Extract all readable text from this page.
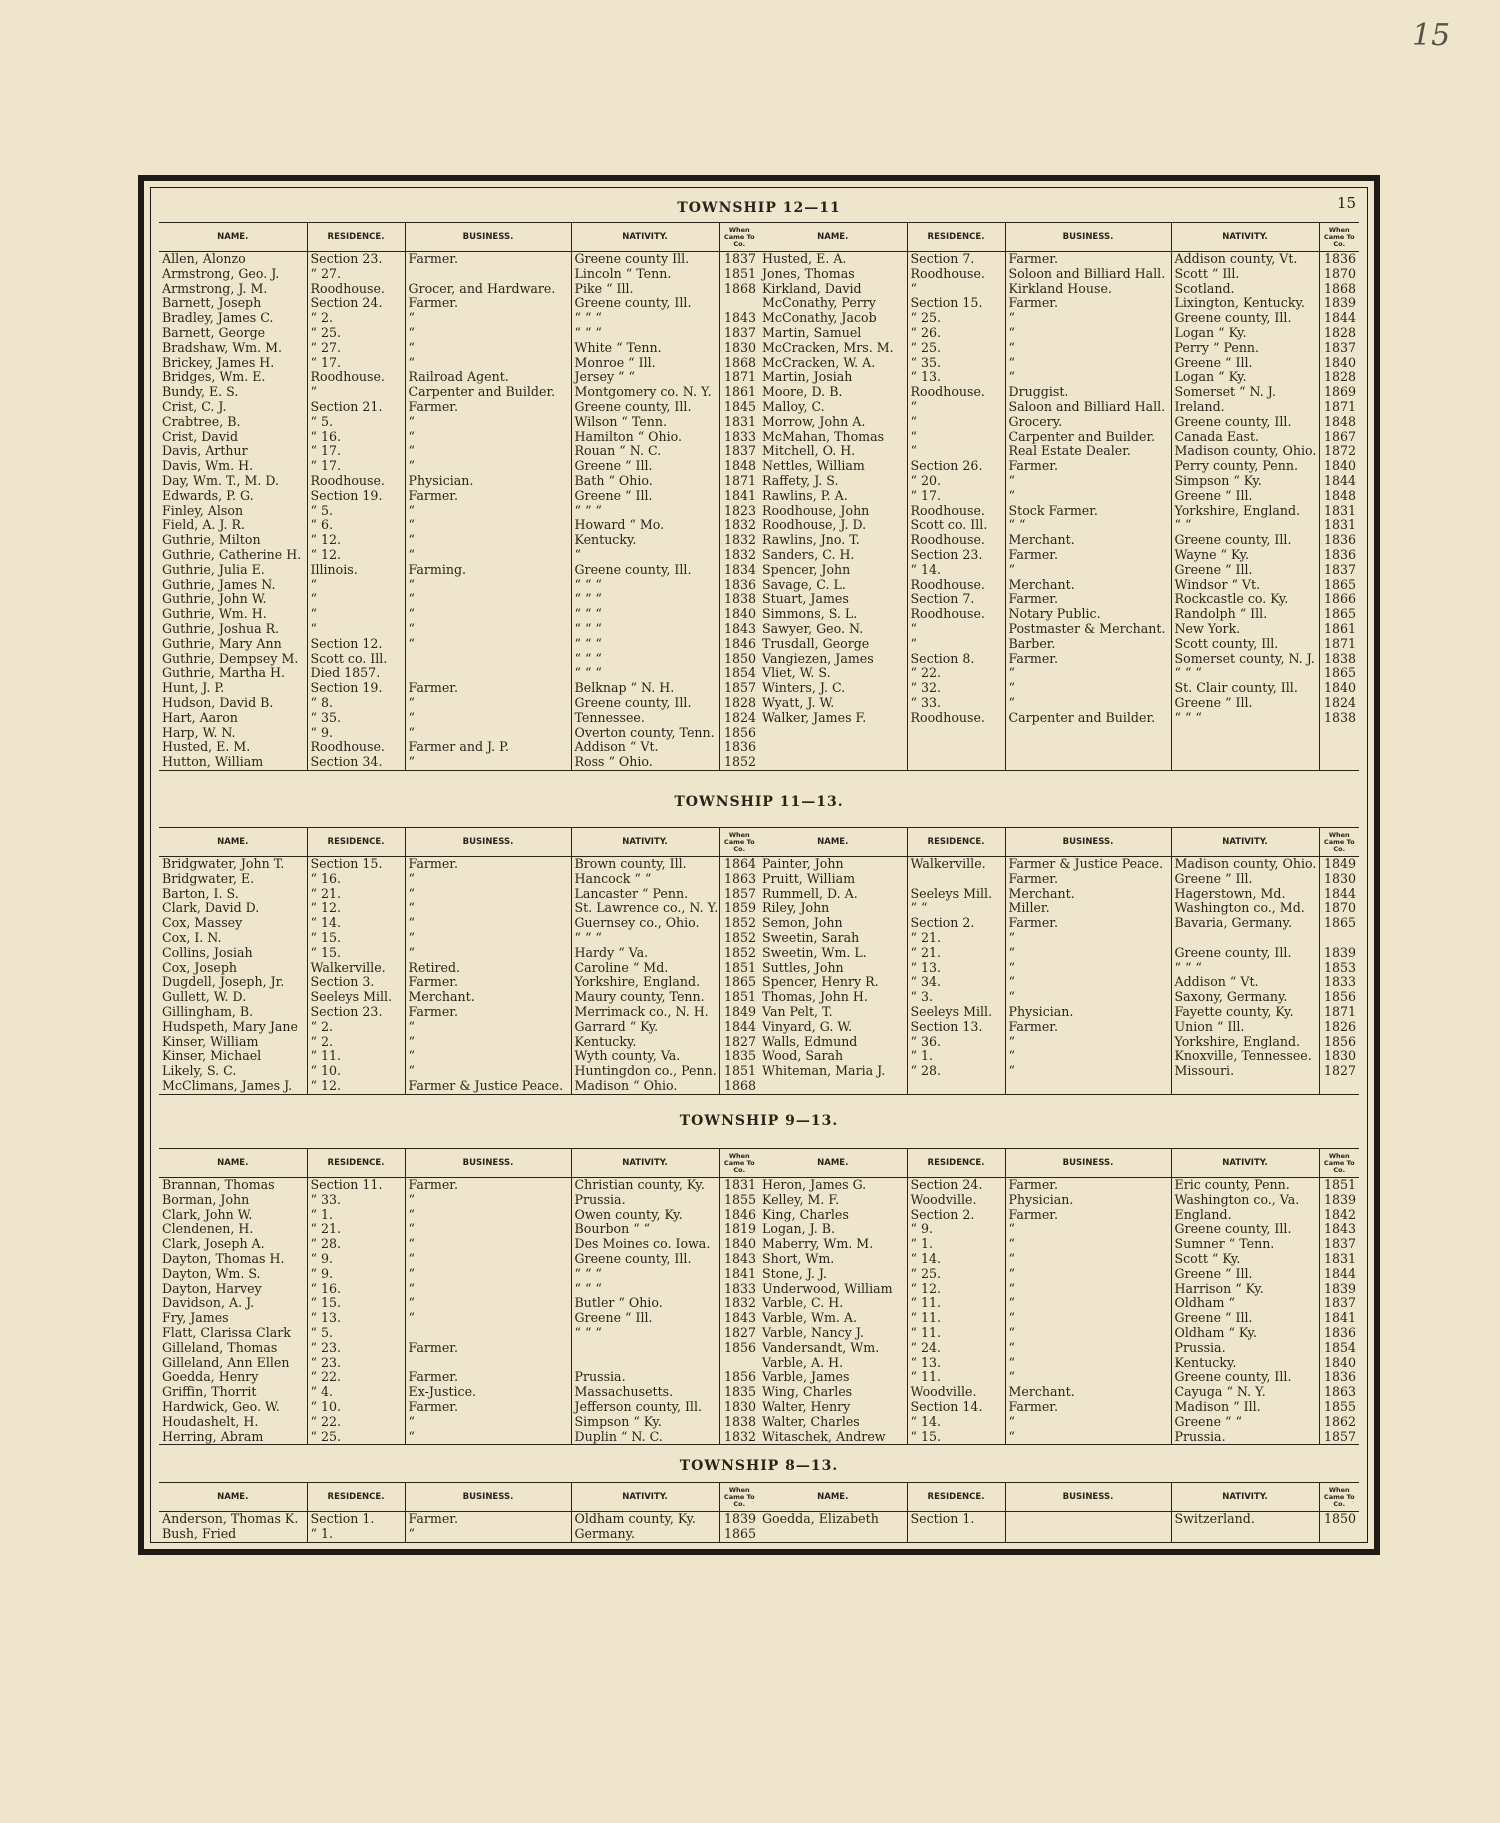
15
15
TOWNSHIP 12—11
NAME.	RESIDENCE.	BUSINESS.	NATIVITY.	When Came To Co.	NAME.	RESIDENCE.	BUSINESS.	NATIVITY.	When Came To Co.
Allen, Alonzo	Section 23.	Farmer.	Greene county Ill.	1837	Husted, E. A.	Section 7.	Farmer.	Addison county, Vt.	1836
Armstrong, Geo. J.	“ 27.		Lincoln “ Tenn.	1851	Jones, Thomas	Roodhouse.	Soloon and Billiard Hall.	Scott “ Ill.	1870
Armstrong, J. M.	Roodhouse.	Grocer, and Hardware.	Pike “ Ill.	1868	Kirkland, David	“	Kirkland House.	Scotland.	1868
Barnett, Joseph	Section 24.	Farmer.	Greene county, Ill.		McConathy, Perry	Section 15.	Farmer.	Lixington, Kentucky.	1839
Bradley, James C.	“ 2.	“	“ “ “	1843	McConathy, Jacob	“ 25.	“	Greene county, Ill.	1844
Barnett, George	“ 25.	“	“ “ “	1837	Martin, Samuel	“ 26.	“	Logan “ Ky.	1828
Bradshaw, Wm. M.	“ 27.	“	White “ Tenn.	1830	McCracken, Mrs. M.	“ 25.	“	Perry “ Penn.	1837
Brickey, James H.	“ 17.	“	Monroe “ Ill.	1868	McCracken, W. A.	“ 35.	“	Greene “ Ill.	1840
Bridges, Wm. E.	Roodhouse.	Railroad Agent.	Jersey “ “	1871	Martin, Josiah	“ 13.	“	Logan “ Ky.	1828
Bundy, E. S.	“	Carpenter and Builder.	Montgomery co. N. Y.	1861	Moore, D. B.	Roodhouse.	Druggist.	Somerset “ N. J.	1869
Crist, C. J.	Section 21.	Farmer.	Greene county, Ill.	1845	Malloy, C.	“	Saloon and Billiard Hall.	Ireland.	1871
Crabtree, B.	“ 5.	“	Wilson “ Tenn.	1831	Morrow, John A.	“	Grocery.	Greene county, Ill.	1848
Crist, David	“ 16.	“	Hamilton “ Ohio.	1833	McMahan, Thomas	“	Carpenter and Builder.	Canada East.	1867
Davis, Arthur	“ 17.	“	Rouan “ N. C.	1837	Mitchell, O. H.	“	Real Estate Dealer.	Madison county, Ohio.	1872
Davis, Wm. H.	“ 17.	“	Greene “ Ill.	1848	Nettles, William	Section 26.	Farmer.	Perry county, Penn.	1840
Day, Wm. T., M. D.	Roodhouse.	Physician.	Bath “ Ohio.	1871	Raffety, J. S.	“ 20.	“	Simpson “ Ky.	1844
Edwards, P. G.	Section 19.	Farmer.	Greene “ Ill.	1841	Rawlins, P. A.	“ 17.	“	Greene “ Ill.	1848
Finley, Alson	“ 5.	“	“ “ “	1823	Roodhouse, John	Roodhouse.	Stock Farmer.	Yorkshire, England.	1831
Field, A. J. R.	“ 6.	“	Howard “ Mo.	1832	Roodhouse, J. D.	Scott co. Ill.	“ “	“ “	1831
Guthrie, Milton	“ 12.	“	Kentucky.	1832	Rawlins, Jno. T.	Roodhouse.	Merchant.	Greene county, Ill.	1836
Guthrie, Catherine H.	“ 12.	“	“	1832	Sanders, C. H.	Section 23.	Farmer.	Wayne “ Ky.	1836
Guthrie, Julia E.	Illinois.	Farming.	Greene county, Ill.	1834	Spencer, John	“ 14.	“	Greene “ Ill.	1837
Guthrie, James N.	“	“	“ “ “	1836	Savage, C. L.	Roodhouse.	Merchant.	Windsor “ Vt.	1865
Guthrie, John W.	“	“	“ “ “	1838	Stuart, James	Section 7.	Farmer.	Rockcastle co. Ky.	1866
Guthrie, Wm. H.	“	“	“ “ “	1840	Simmons, S. L.	Roodhouse.	Notary Public.	Randolph “ Ill.	1865
Guthrie, Joshua R.	“	“	“ “ “	1843	Sawyer, Geo. N.	“	Postmaster & Merchant.	New York.	1861
Guthrie, Mary Ann	Section 12.	“	“ “ “	1846	Trusdall, George	“	Barber.	Scott county, Ill.	1871
Guthrie, Dempsey M.	Scott co. Ill.		“ “ “	1850	Vangiezen, James	Section 8.	Farmer.	Somerset county, N. J.	1838
Guthrie, Martha H.	Died 1857.		“ “ “	1854	Vliet, W. S.	“ 22.	“	“ “ “	1865
Hunt, J. P.	Section 19.	Farmer.	Belknap “ N. H.	1857	Winters, J. C.	“ 32.	“	St. Clair county, Ill.	1840
Hudson, David B.	“ 8.	“	Greene county, Ill.	1828	Wyatt, J. W.	“ 33.	“	Greene “ Ill.	1824
Hart, Aaron	“ 35.	“	Tennessee.	1824	Walker, James F.	Roodhouse.	Carpenter and Builder.	“ “ “	1838
Harp, W. N.	“ 9.	“	Overton county, Tenn.	1856					
Husted, E. M.	Roodhouse.	Farmer and J. P.	Addison “ Vt.	1836					
Hutton, William	Section 34.	“	Ross “ Ohio.	1852					
TOWNSHIP 11—13.
NAME.	RESIDENCE.	BUSINESS.	NATIVITY.	When Came To Co.	NAME.	RESIDENCE.	BUSINESS.	NATIVITY.	When Came To Co.
Bridgwater, John T.	Section 15.	Farmer.	Brown county, Ill.	1864	Painter, John	Walkerville.	Farmer & Justice Peace.	Madison county, Ohio.	1849
Bridgwater, E.	“ 16.	“	Hancock “ “	1863	Pruitt, William		Farmer.	Greene “ Ill.	1830
Barton, I. S.	“ 21.	“	Lancaster “ Penn.	1857	Rummell, D. A.	Seeleys Mill.	Merchant.	Hagerstown, Md.	1844
Clark, David D.	“ 12.	“	St. Lawrence co., N. Y.	1859	Riley, John	“ “	Miller.	Washington co., Md.	1870
Cox, Massey	“ 14.	“	Guernsey co., Ohio.	1852	Semon, John	Section 2.	Farmer.	Bavaria, Germany.	1865
Cox, I. N.	“ 15.	“	“ “ “	1852	Sweetin, Sarah	“ 21.	“		
Collins, Josiah	“ 15.	“	Hardy “ Va.	1852	Sweetin, Wm. L.	“ 21.	“	Greene county, Ill.	1839
Cox, Joseph	Walkerville.	Retired.	Caroline “ Md.	1851	Suttles, John	“ 13.	“	“ “ “	1853
Dugdell, Joseph, Jr.	Section 3.	Farmer.	Yorkshire, England.	1865	Spencer, Henry R.	“ 34.	“	Addison “ Vt.	1833
Gullett, W. D.	Seeleys Mill.	Merchant.	Maury county, Tenn.	1851	Thomas, John H.	“ 3.	“	Saxony, Germany.	1856
Gillingham, B.	Section 23.	Farmer.	Merrimack co., N. H.	1849	Van Pelt, T.	Seeleys Mill.	Physician.	Fayette county, Ky.	1871
Hudspeth, Mary Jane	“ 2.	“	Garrard “ Ky.	1844	Vinyard, G. W.	Section 13.	Farmer.	Union “ Ill.	1826
Kinser, William	“ 2.	“	Kentucky.	1827	Walls, Edmund	“ 36.	“	Yorkshire, England.	1856
Kinser, Michael	“ 11.	“	Wyth county, Va.	1835	Wood, Sarah	“ 1.	“	Knoxville, Tennessee.	1830
Likely, S. C.	“ 10.	“	Huntingdon co., Penn.	1851	Whiteman, Maria J.	“ 28.	“	Missouri.	1827
McClimans, James J.	“ 12.	Farmer & Justice Peace.	Madison “ Ohio.	1868					
TOWNSHIP 9—13.
NAME.	RESIDENCE.	BUSINESS.	NATIVITY.	When Came To Co.	NAME.	RESIDENCE.	BUSINESS.	NATIVITY.	When Came To Co.
Brannan, Thomas	Section 11.	Farmer.	Christian county, Ky.	1831	Heron, James G.	Section 24.	Farmer.	Eric county, Penn.	1851
Borman, John	“ 33.	“	Prussia.	1855	Kelley, M. F.	Woodville.	Physician.	Washington co., Va.	1839
Clark, John W.	“ 1.	“	Owen county, Ky.	1846	King, Charles	Section 2.	Farmer.	England.	1842
Clendenen, H.	“ 21.	“	Bourbon “ “	1819	Logan, J. B.	“ 9.	“	Greene county, Ill.	1843
Clark, Joseph A.	“ 28.	“	Des Moines co. Iowa.	1840	Maberry, Wm. M.	“ 1.	“	Sumner “ Tenn.	1837
Dayton, Thomas H.	“ 9.	“	Greene county, Ill.	1843	Short, Wm.	“ 14.	“	Scott “ Ky.	1831
Dayton, Wm. S.	“ 9.	“	“ “ “	1841	Stone, J. J.	“ 25.	“	Greene “ Ill.	1844
Dayton, Harvey	“ 16.	“	“ “ “	1833	Underwood, William	“ 12.	“	Harrison “ Ky.	1839
Davidson, A. J.	“ 15.	“	Butler “ Ohio.	1832	Varble, C. H.	“ 11.	“	Oldham “	1837
Fry, James	“ 13.	“	Greene “ Ill.	1843	Varble, Wm. A.	“ 11.	“	Greene “ Ill.	1841
Flatt, Clarissa Clark	“ 5.		“ “ “	1827	Varble, Nancy J.	“ 11.	“	Oldham “ Ky.	1836
Gilleland, Thomas	“ 23.	Farmer.		1856	Vandersandt, Wm.	“ 24.	“	Prussia.	1854
Gilleland, Ann Ellen	“ 23.				Varble, A. H.	“ 13.	“	Kentucky.	1840
Goedda, Henry	“ 22.	Farmer.	Prussia.	1856	Varble, James	“ 11.	“	Greene county, Ill.	1836
Griffin, Thorrit	“ 4.	Ex-Justice.	Massachusetts.	1835	Wing, Charles	Woodville.	Merchant.	Cayuga “ N. Y.	1863
Hardwick, Geo. W.	“ 10.	Farmer.	Jefferson county, Ill.	1830	Walter, Henry	Section 14.	Farmer.	Madison “ Ill.	1855
Houdashelt, H.	“ 22.	“	Simpson “ Ky.	1838	Walter, Charles	“ 14.	“	Greene “ “	1862
Herring, Abram	“ 25.	“	Duplin “ N. C.	1832	Witaschek, Andrew	“ 15.	“	Prussia.	1857
TOWNSHIP 8—13.
NAME.	RESIDENCE.	BUSINESS.	NATIVITY.	When Came To Co.	NAME.	RESIDENCE.	BUSINESS.	NATIVITY.	When Came To Co.
Anderson, Thomas K.	Section 1.	Farmer.	Oldham county, Ky.	1839	Goedda, Elizabeth	Section 1.		Switzerland.	1850
Bush, Fried	“ 1.	“	Germany.	1865					
